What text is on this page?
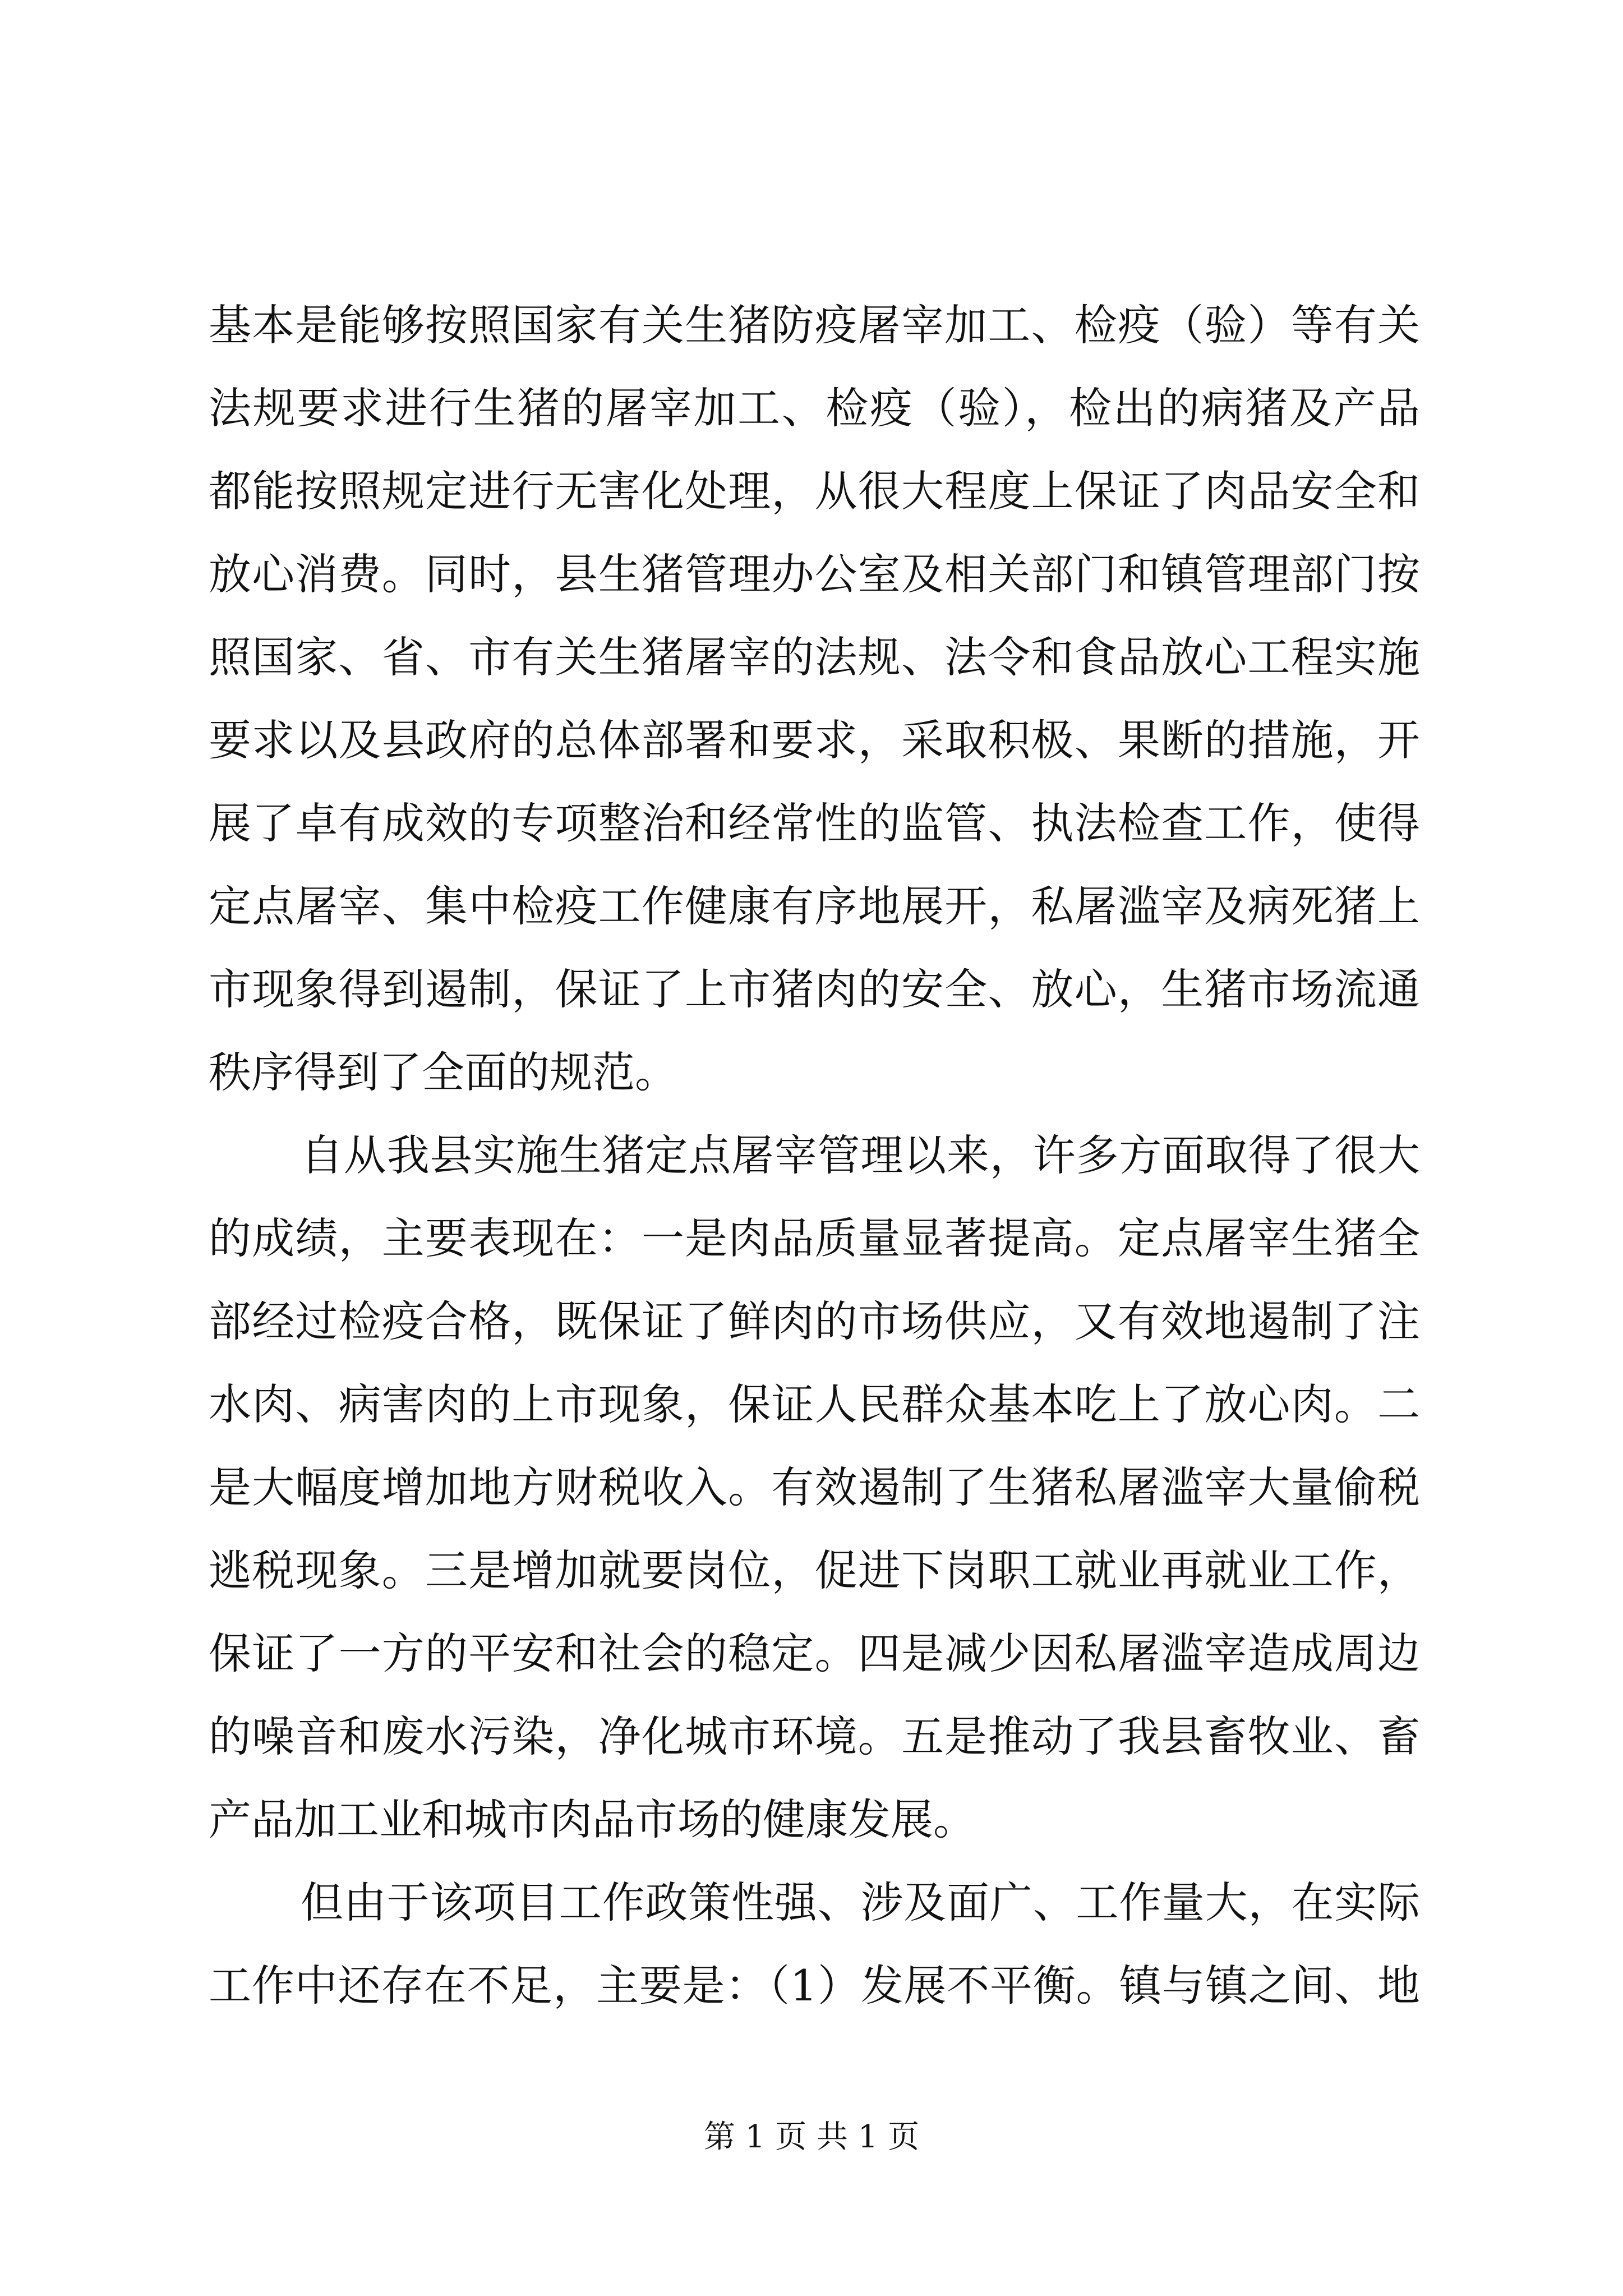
基本是能够按照国家有关生猪防疫屠宰加工、检疫（验）等有关
法规要求进行生猪的屠宰加工、检疫（验），检出的病猪及产品
都能按照规定进行无害化处理，从很大程度上保证了肉品安全和
放心消费。同时，县生猪管理办公室及相关部门和镇管理部门按
照国家、省、市有关生猪屠宰的法规、法令和食品放心工程实施
要求以及县政府的总体部署和要求，采取积极、果断的措施，开
展了卓有成效的专项整治和经常性的监管、执法检查工作，使得
定点屠宰、集中检疫工作健康有序地展开，私屠滥宰及病死猪上
市现象得到遏制，保证了上市猪肉的安全、放心，生猪市场流通
秩序得到了全面的规范。
自从我县实施生猪定点屠宰管理以来，许多方面取得了很大
的成绩，主要表现在：一是肉品质量显著提高。定点屠宰生猪全
部经过检疫合格，既保证了鲜肉的市场供应，又有效地遏制了注
水肉、病害肉的上市现象，保证人民群众基本吃上了放心肉。二
是大幅度增加地方财税收入。有效遏制了生猪私屠滥宰大量偷税
逃税现象。三是增加就要岗位，促进下岗职工就业再就业工作，
保证了一方的平安和社会的稳定。四是减少因私屠滥宰造成周边
的噪音和废水污染，净化城市环境。五是推动了我县畜牧业、畜
产品加工业和城市肉品市场的健康发展。
但由于该项目工作政策性强、涉及面广、工作量大，在实际
工作中还存在不足，主要是：（1）发展不平衡。镇与镇之间、地
第 1 页 共 1 页
